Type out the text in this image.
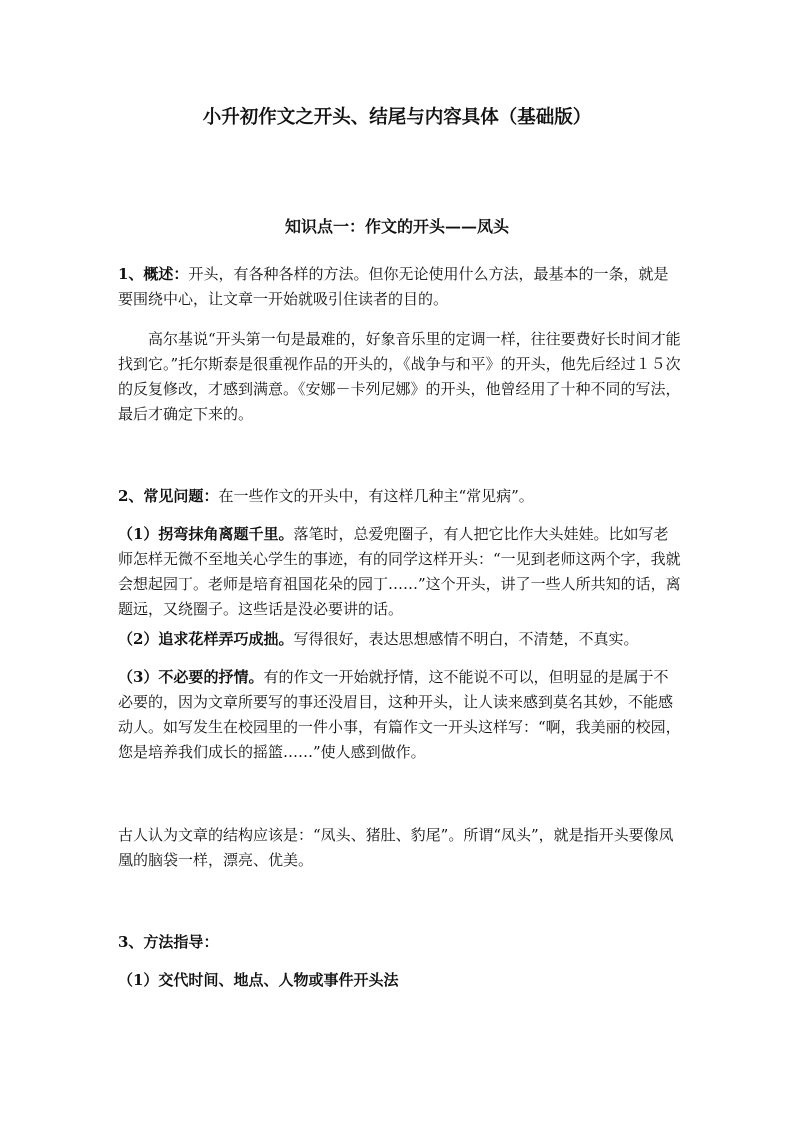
小升初作文之开头、结尾与内容具体（基础版）
知识点一：作文的开头——凤头

1、概述：开头，有各种各样的方法。但你无论使用什么方法，最基本的一条，就是要围绕中心，让文章一开始就吸引住读者的目的。

高尔基说“开头第一句是最难的，好象音乐里的定调一样，往往要费好长时间才能找到它。”托尔斯泰是很重视作品的开头的，《战争与和平》的开头，他先后经过１５次的反复修改，才感到满意。《安娜－卡列尼娜》的开头，他曾经用了十种不同的写法，最后才确定下来的。

2、常见问题：在一些作文的开头中，有这样几种主“常见病”。

（1）拐弯抹角离题千里。落笔时，总爱兜圈子，有人把它比作大头娃娃。比如写老师怎样无微不至地关心学生的事迹，有的同学这样开头：“一见到老师这两个字，我就会想起园丁。老师是培育祖国花朵的园丁……”这个开头，讲了一些人所共知的话，离题远，又绕圈子。这些话是没必要讲的话。

（2）追求花样弄巧成拙。写得很好，表达思想感情不明白，不清楚，不真实。

（3）不必要的抒情。有的作文一开始就抒情，这不能说不可以，但明显的是属于不必要的，因为文章所要写的事还没眉目，这种开头，让人读来感到莫名其妙，不能感动人。如写发生在校园里的一件小事，有篇作文一开头这样写：“啊，我美丽的校园，您是培养我们成长的摇篮……”使人感到做作。

古人认为文章的结构应该是：“凤头、猪肚、豹尾”。所谓“凤头”，就是指开头要像凤凰的脑袋一样，漂亮、优美。

3、方法指导：

（1）交代时间、地点、人物或事件开头法
